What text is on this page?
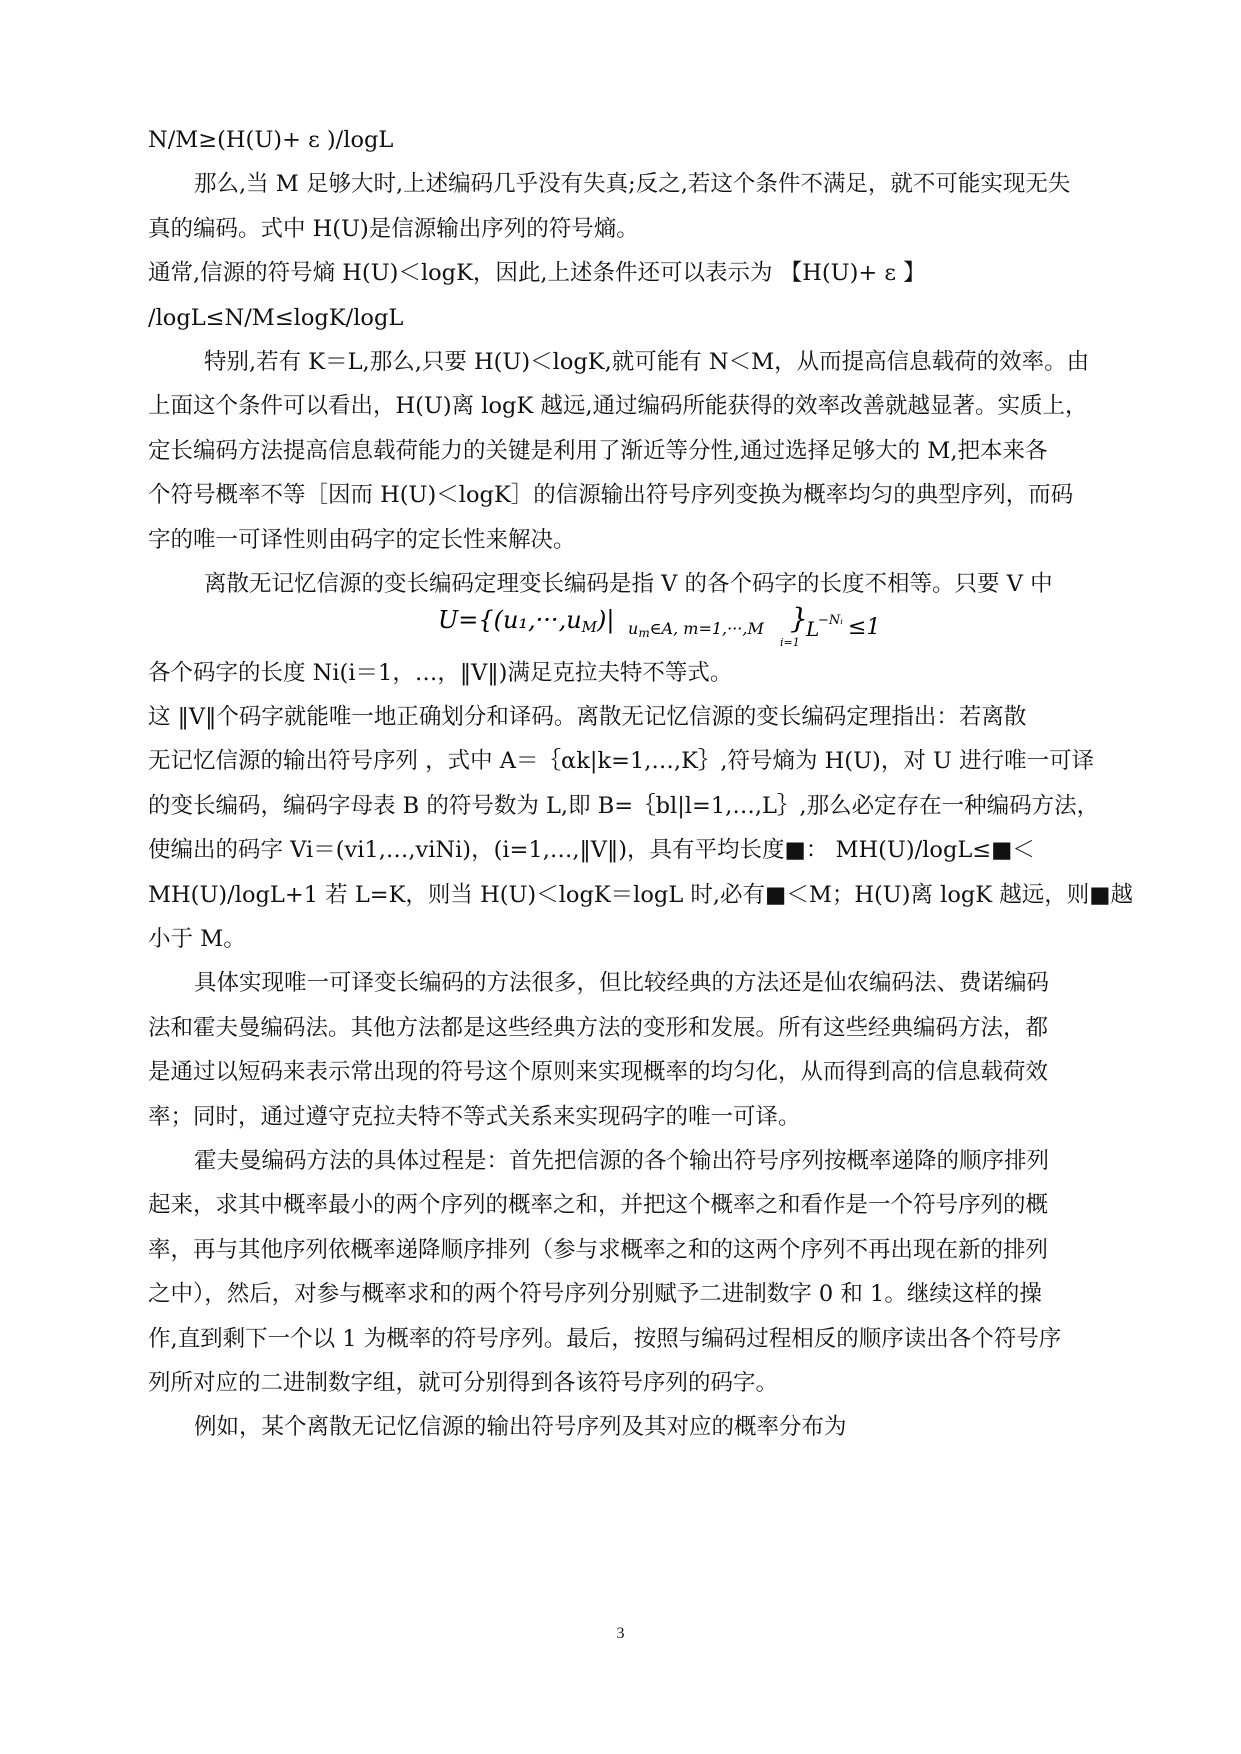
N/M≥(H(U)+ ε )/logL
那么,当 M 足够大时,上述编码几乎没有失真;反之,若这个条件不满足，就不可能实现无失
真的编码。式中 H(U)是信源输出序列的符号熵。
通常,信源的符号熵 H(U)＜logK，因此,上述条件还可以表示为 【H(U)+ ε 】
/logL≤N/M≤logK/logL
特别,若有 K＝L,那么,只要 H(U)＜logK,就可能有 N＜M，从而提高信息载荷的效率。由
上面这个条件可以看出，H(U)离 logK 越远,通过编码所能获得的效率改善就越显著。实质上，
定长编码方法提高信息载荷能力的关键是利用了渐近等分性,通过选择足够大的 M,把本来各
个符号概率不等［因而 H(U)＜logK］的信源输出符号序列变换为概率均匀的典型序列，而码
字的唯一可译性则由码字的定长性来解决。
离散无记忆信源的变长编码定理变长编码是指 V 的各个码字的长度不相等。只要 V 中
U={(u₁,···,uM)| um∈A, m=1,···,M }
L
−Nᵢ ≤1
i=1
各个码字的长度 Ni(i＝1，…，‖V‖)满足克拉夫特不等式。
这 ‖V‖个码字就能唯一地正确划分和译码。离散无记忆信源的变长编码定理指出：若离散
无记忆信源的输出符号序列 ，式中 A＝｛αk|k=1,…,K｝,符号熵为 H(U)，对 U 进行唯一可译
的变长编码，编码字母表 B 的符号数为 L,即 B=｛bl|l=1,…,L｝,那么必定存在一种编码方法，
使编出的码字 Vi＝(vi1,…,viNi)，(i=1,…,‖V‖)，具有平均长度■： MH(U)/logL≤■＜
MH(U)/logL+1 若 L=K，则当 H(U)＜logK＝logL 时,必有■＜M；H(U)离 logK 越远，则■越
小于 M。
具体实现唯一可译变长编码的方法很多，但比较经典的方法还是仙农编码法、费诺编码
法和霍夫曼编码法。其他方法都是这些经典方法的变形和发展。所有这些经典编码方法，都
是通过以短码来表示常出现的符号这个原则来实现概率的均匀化，从而得到高的信息载荷效
率；同时，通过遵守克拉夫特不等式关系来实现码字的唯一可译。
霍夫曼编码方法的具体过程是：首先把信源的各个输出符号序列按概率递降的顺序排列
起来，求其中概率最小的两个序列的概率之和，并把这个概率之和看作是一个符号序列的概
率，再与其他序列依概率递降顺序排列（参与求概率之和的这两个序列不再出现在新的排列
之中），然后，对参与概率求和的两个符号序列分别赋予二进制数字 0 和 1。继续这样的操
作,直到剩下一个以 1 为概率的符号序列。最后，按照与编码过程相反的顺序读出各个符号序
列所对应的二进制数字组，就可分别得到各该符号序列的码字。
例如，某个离散无记忆信源的输出符号序列及其对应的概率分布为
3
